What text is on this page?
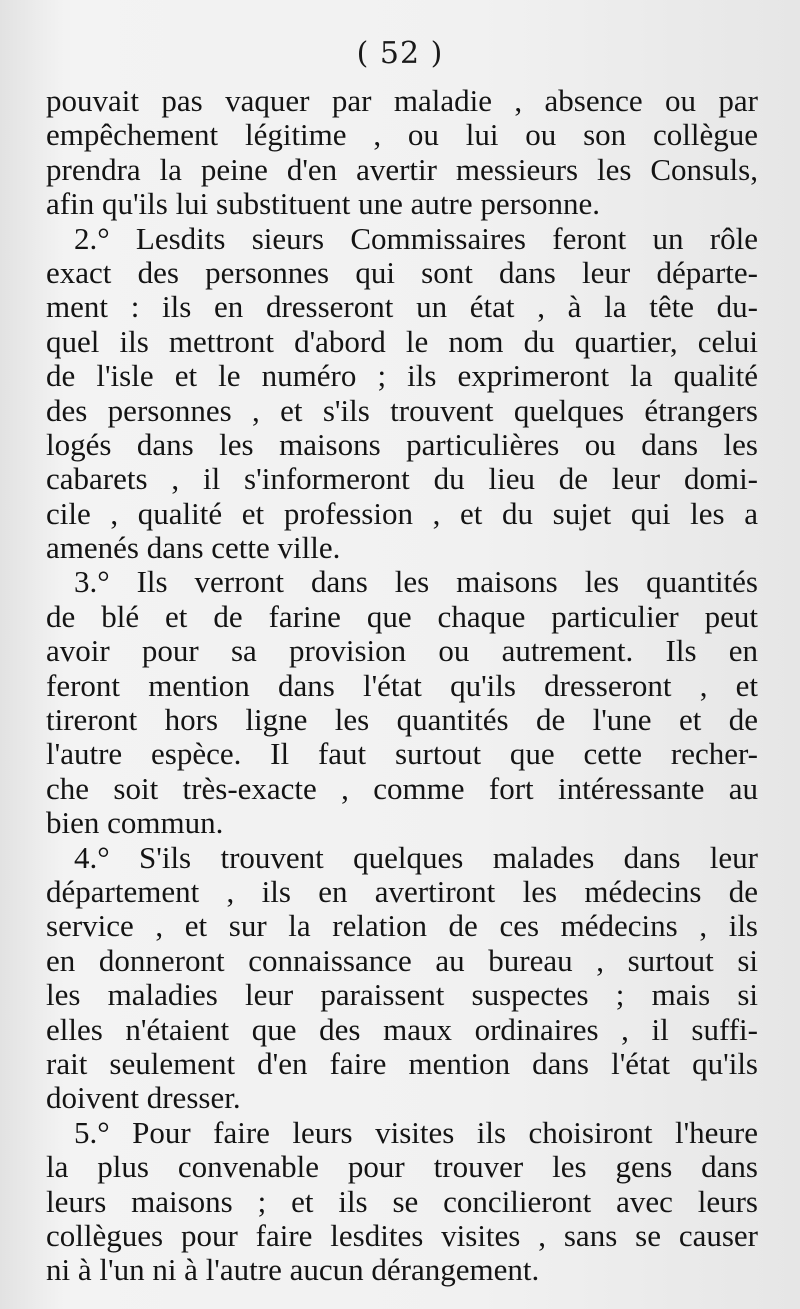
( 52 )
pouvait pas vaquer par maladie , absence ou par
empêchement légitime , ou lui ou son collègue
prendra la peine d'en avertir messieurs les Consuls,
afin qu'ils lui substituent une autre personne.
2.° Lesdits sieurs Commissaires feront un rôle
exact des personnes qui sont dans leur départe-
ment : ils en dresseront un état , à la tête du-
quel ils mettront d'abord le nom du quartier, celui
de l'isle et le numéro ; ils exprimeront la qualité
des personnes , et s'ils trouvent quelques étrangers
logés dans les maisons particulières ou dans les
cabarets , il s'informeront du lieu de leur domi-
cile , qualité et profession , et du sujet qui les a
amenés dans cette ville.
3.° Ils verront dans les maisons les quantités
de blé et de farine que chaque particulier peut
avoir pour sa provision ou autrement. Ils en
feront mention dans l'état qu'ils dresseront , et
tireront hors ligne les quantités de l'une et de
l'autre espèce. Il faut surtout que cette recher-
che soit très-exacte , comme fort intéressante au
bien commun.
4.° S'ils trouvent quelques malades dans leur
département , ils en avertiront les médecins de
service , et sur la relation de ces médecins , ils
en donneront connaissance au bureau , surtout si
les maladies leur paraissent suspectes ; mais si
elles n'étaient que des maux ordinaires , il suffi-
rait seulement d'en faire mention dans l'état qu'ils
doivent dresser.
5.° Pour faire leurs visites ils choisiront l'heure
la plus convenable pour trouver les gens dans
leurs maisons ; et ils se concilieront avec leurs
collègues pour faire lesdites visites , sans se causer
ni à l'un ni à l'autre aucun dérangement.
